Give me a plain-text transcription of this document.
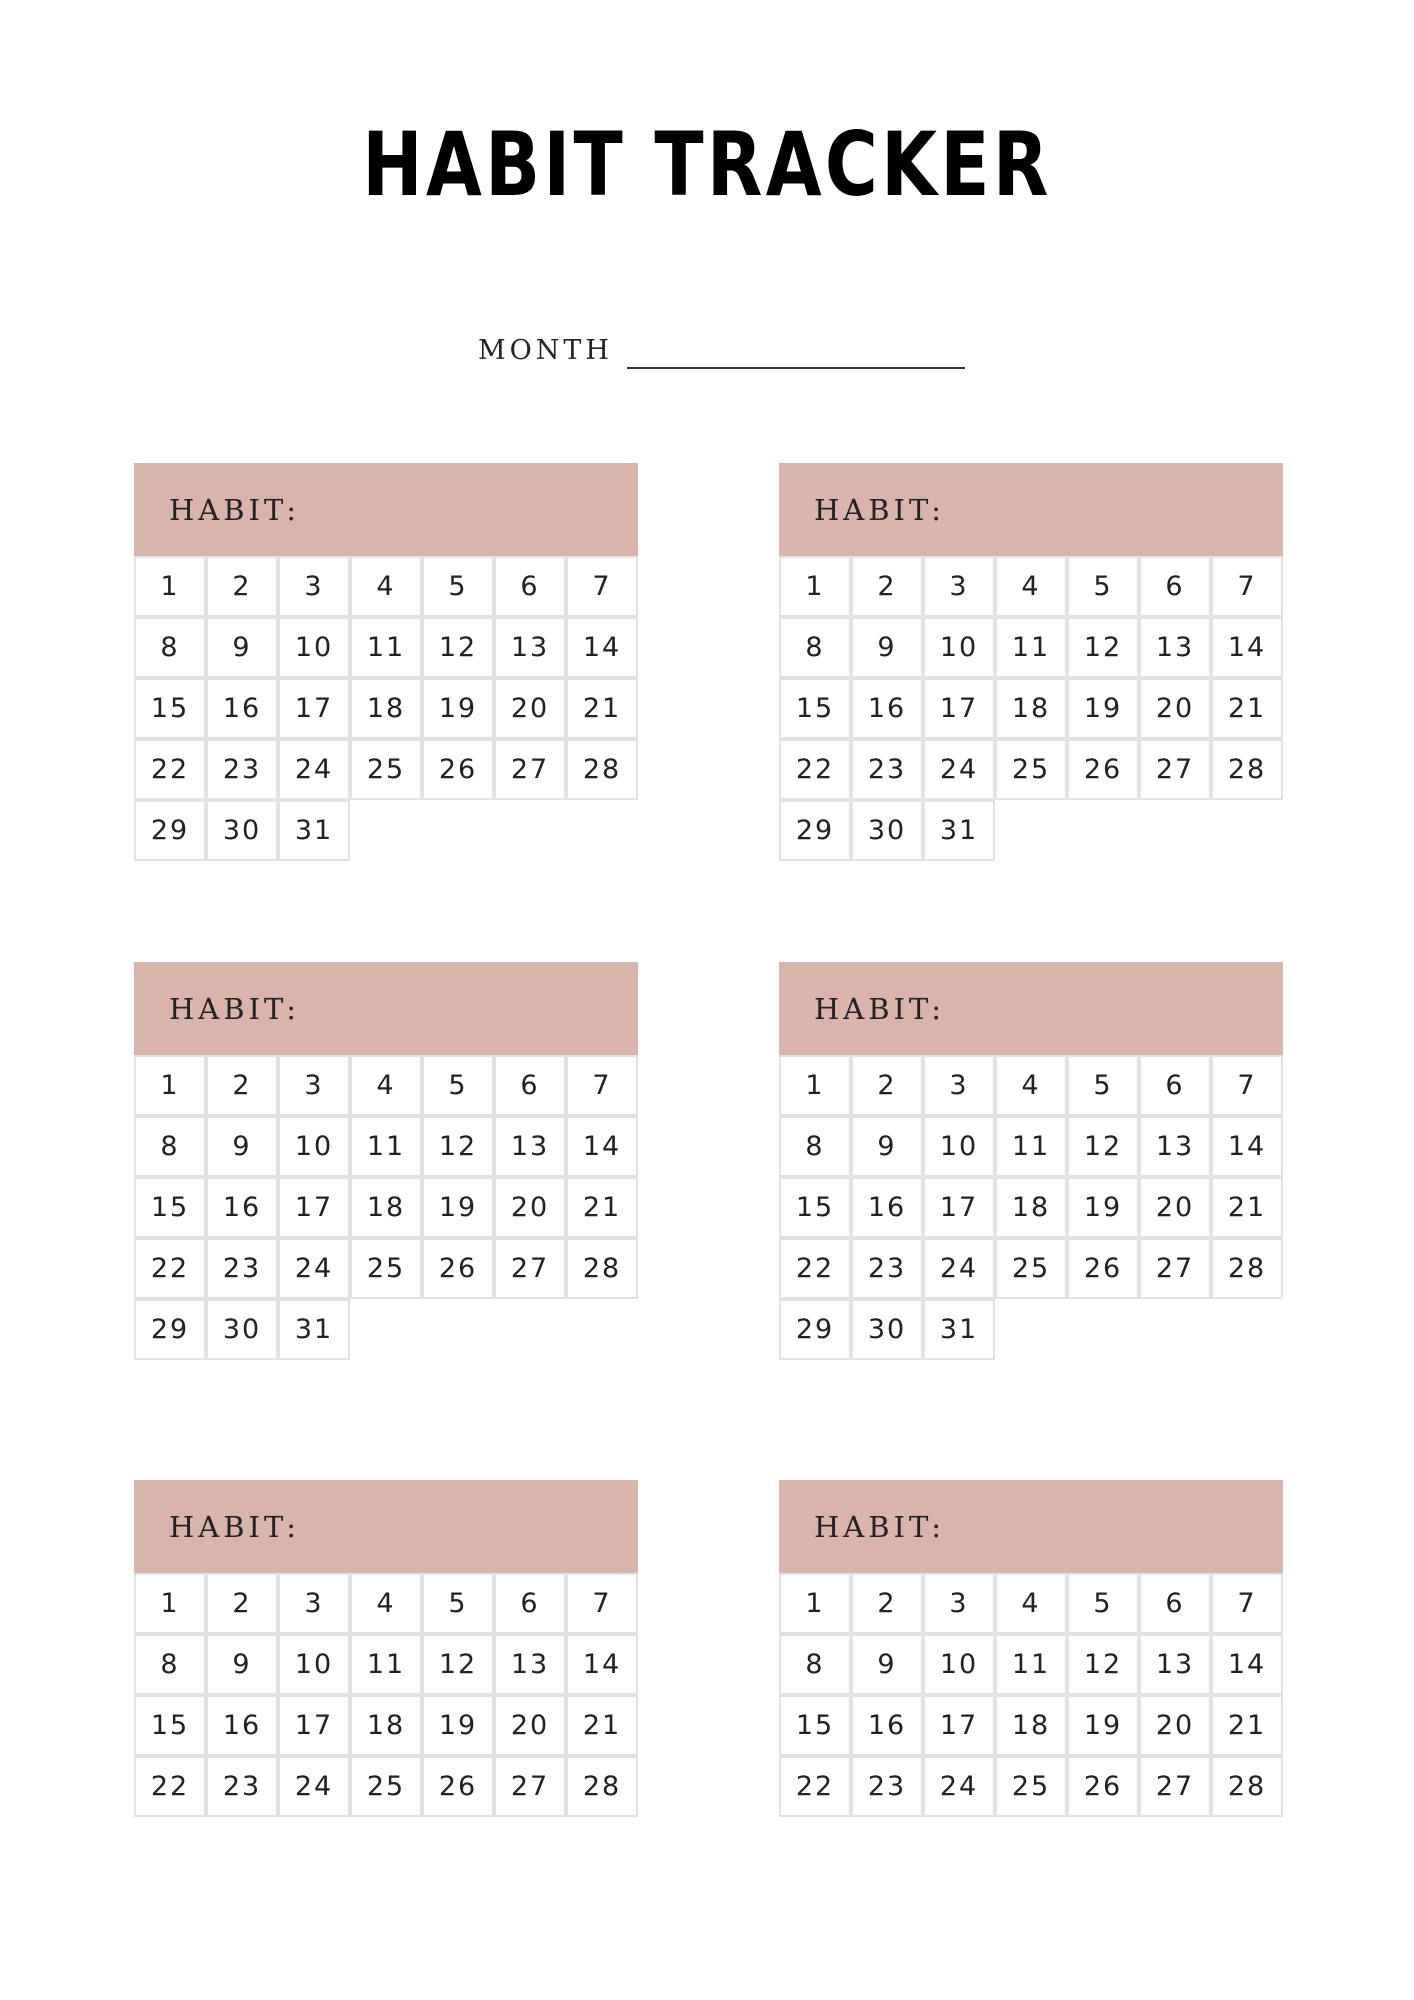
HABIT TRACKER
MONTH
HABIT:
1	2	3	4	5	6	7
8	9	10	11	12	13	14
15	16	17	18	19	20	21
22	23	24	25	26	27	28
29	30	31
HABIT:
1	2	3	4	5	6	7
8	9	10	11	12	13	14
15	16	17	18	19	20	21
22	23	24	25	26	27	28
29	30	31
HABIT:
1	2	3	4	5	6	7
8	9	10	11	12	13	14
15	16	17	18	19	20	21
22	23	24	25	26	27	28
29	30	31
HABIT:
1	2	3	4	5	6	7
8	9	10	11	12	13	14
15	16	17	18	19	20	21
22	23	24	25	26	27	28
29	30	31
HABIT:
1	2	3	4	5	6	7
8	9	10	11	12	13	14
15	16	17	18	19	20	21
22	23	24	25	26	27	28
HABIT:
1	2	3	4	5	6	7
8	9	10	11	12	13	14
15	16	17	18	19	20	21
22	23	24	25	26	27	28
